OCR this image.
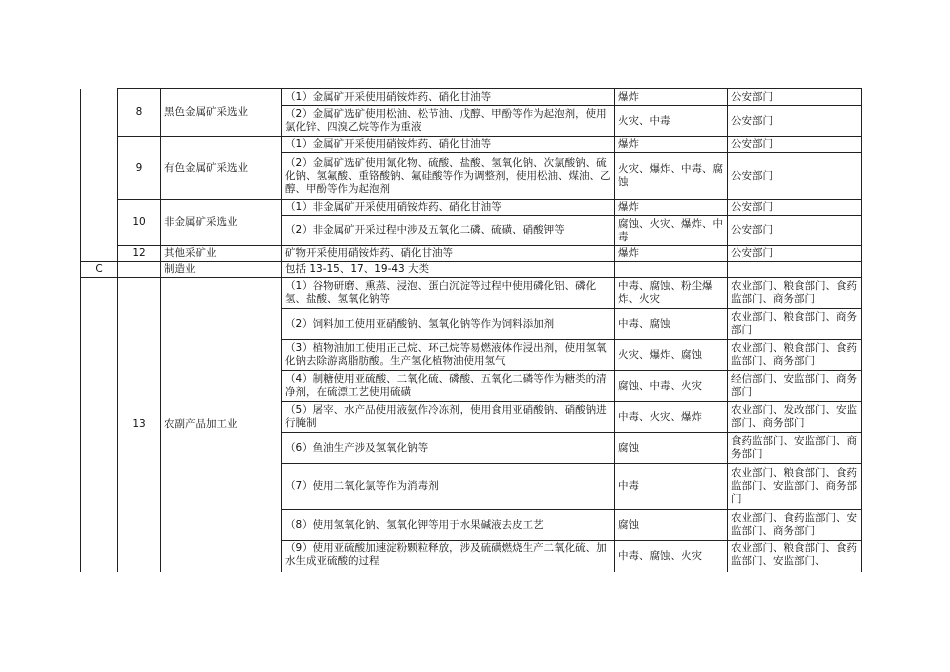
	8	黑色金属矿采选业	（1）金属矿开采使用硝铵炸药、硝化甘油等	爆炸	公安部门
			（2）金属矿选矿使用松油、松节油、戊醇、甲酚等作为起泡剂，使用氯化锌、四溴乙烷等作为重液	火灾、中毒	公安部门
	9	有色金属矿采选业	（1）金属矿开采使用硝铵炸药、硝化甘油等	爆炸	公安部门
			（2）金属矿选矿使用氰化物、硫酸、盐酸、氢氧化钠、次氯酸钠、硫化钠、氢氟酸、重铬酸钠、氟硅酸等作为调整剂，使用松油、煤油、乙醇、甲酚等作为起泡剂	火灾、爆炸、中毒、腐蚀	公安部门
	10	非金属矿采选业	（1）非金属矿开采使用硝铵炸药、硝化甘油等	爆炸	公安部门
			（2）非金属矿开采过程中涉及五氧化二磷、硫磺、硝酸钾等	腐蚀、火灾、爆炸、中毒	公安部门
	12	其他采矿业	矿物开采使用硝铵炸药、硝化甘油等	爆炸	公安部门
C		制造业	包括 13-15、17、19-43 大类		
	13	农副产品加工业	（1）谷物研磨、熏蒸、浸泡、蛋白沉淀等过程中使用磷化铝、磷化氢、盐酸、氢氧化钠等	中毒、腐蚀、粉尘爆炸、火灾	农业部门、粮食部门、食药监部门、商务部门
			（2）饲料加工使用亚硝酸钠、氢氧化钠等作为饲料添加剂	中毒、腐蚀	农业部门、粮食部门、商务部门
			（3）植物油加工使用正己烷、环己烷等易燃液体作浸出剂，使用氢氧化钠去除游离脂肪酸。生产氢化植物油使用氢气	火灾、爆炸、腐蚀	农业部门、粮食部门、食药监部门、商务部门
			（4）制糖使用亚硫酸、二氧化硫、磷酸、五氧化二磷等作为糖类的清净剂，在硫漂工艺使用硫磺	腐蚀、中毒、火灾	经信部门、安监部门、商务部门
			（5）屠宰、水产品使用液氨作冷冻剂，使用食用亚硝酸钠、硝酸钠进行腌制	中毒、火灾、爆炸	农业部门、发改部门、安监部门、商务部门
			（6）鱼油生产涉及氢氧化钠等	腐蚀	食药监部门、安监部门、商务部门
			（7）使用二氧化氯等作为消毒剂	中毒	农业部门、粮食部门、食药监部门、安监部门、商务部门
			（8）使用氢氧化钠、氢氧化钾等用于水果碱液去皮工艺	腐蚀	农业部门、食药监部门、安监部门、商务部门
			（9）使用亚硫酸加速淀粉颗粒释放，涉及硫磺燃烧生产二氧化硫、加水生成亚硫酸的过程	中毒、腐蚀、火灾	农业部门、粮食部门、食药监部门、安监部门、
